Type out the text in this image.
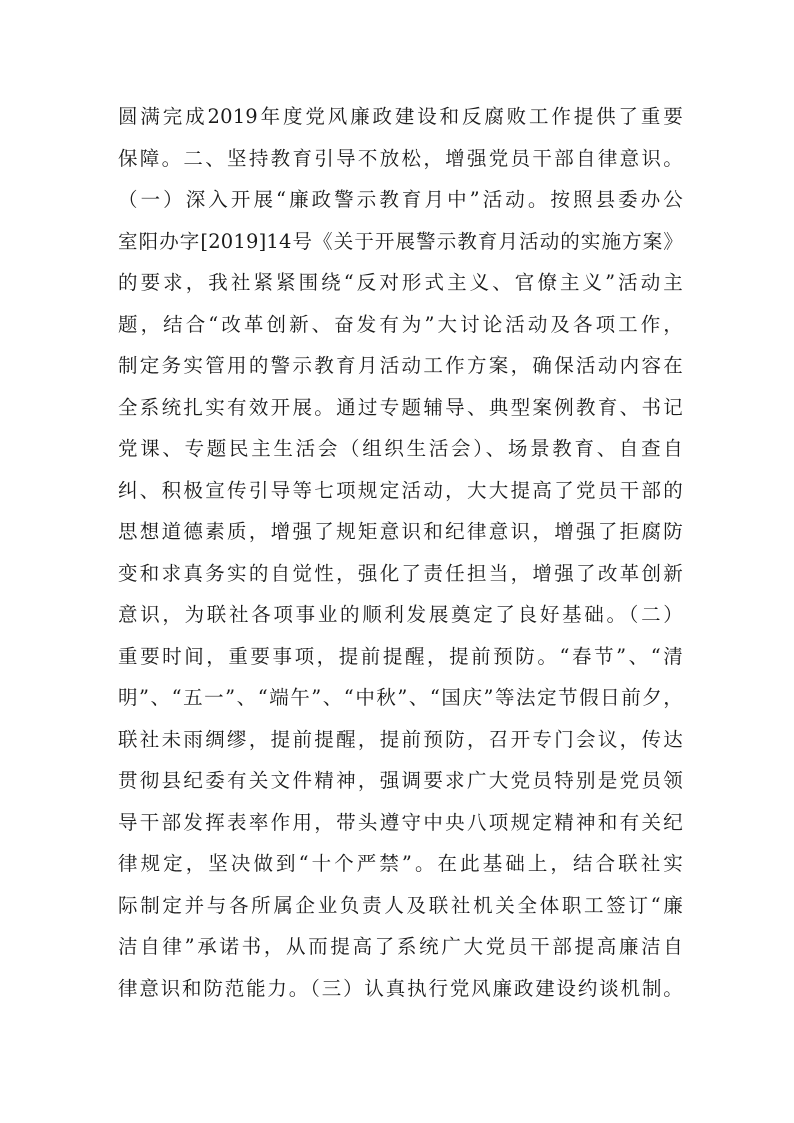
圆满完成2019年度党风廉政建设和反腐败工作提供了重要
保障。二、坚持教育引导不放松，增强党员干部自律意识。
（一）深入开展“廉政警示教育月中”活动。按照县委办公
室阳办字[2019]14号《关于开展警示教育月活动的实施方案》
的要求，我社紧紧围绕“反对形式主义、官僚主义”活动主
题，结合“改革创新、奋发有为”大讨论活动及各项工作，
制定务实管用的警示教育月活动工作方案，确保活动内容在
全系统扎实有效开展。通过专题辅导、典型案例教育、书记
党课、专题民主生活会（组织生活会）、场景教育、自查自
纠、积极宣传引导等七项规定活动，大大提高了党员干部的
思想道德素质，增强了规矩意识和纪律意识，增强了拒腐防
变和求真务实的自觉性，强化了责任担当，增强了改革创新
意识，为联社各项事业的顺利发展奠定了良好基础。（二）
重要时间，重要事项，提前提醒，提前预防。“春节”、“清
明”、“五一”、“端午”、“中秋”、“国庆”等法定节假日前夕，
联社未雨绸缪，提前提醒，提前预防，召开专门会议，传达
贯彻县纪委有关文件精神，强调要求广大党员特别是党员领
导干部发挥表率作用，带头遵守中央八项规定精神和有关纪
律规定，坚决做到“十个严禁”。在此基础上，结合联社实
际制定并与各所属企业负责人及联社机关全体职工签订“廉
洁自律”承诺书，从而提高了系统广大党员干部提高廉洁自
律意识和防范能力。（三）认真执行党风廉政建设约谈机制。
